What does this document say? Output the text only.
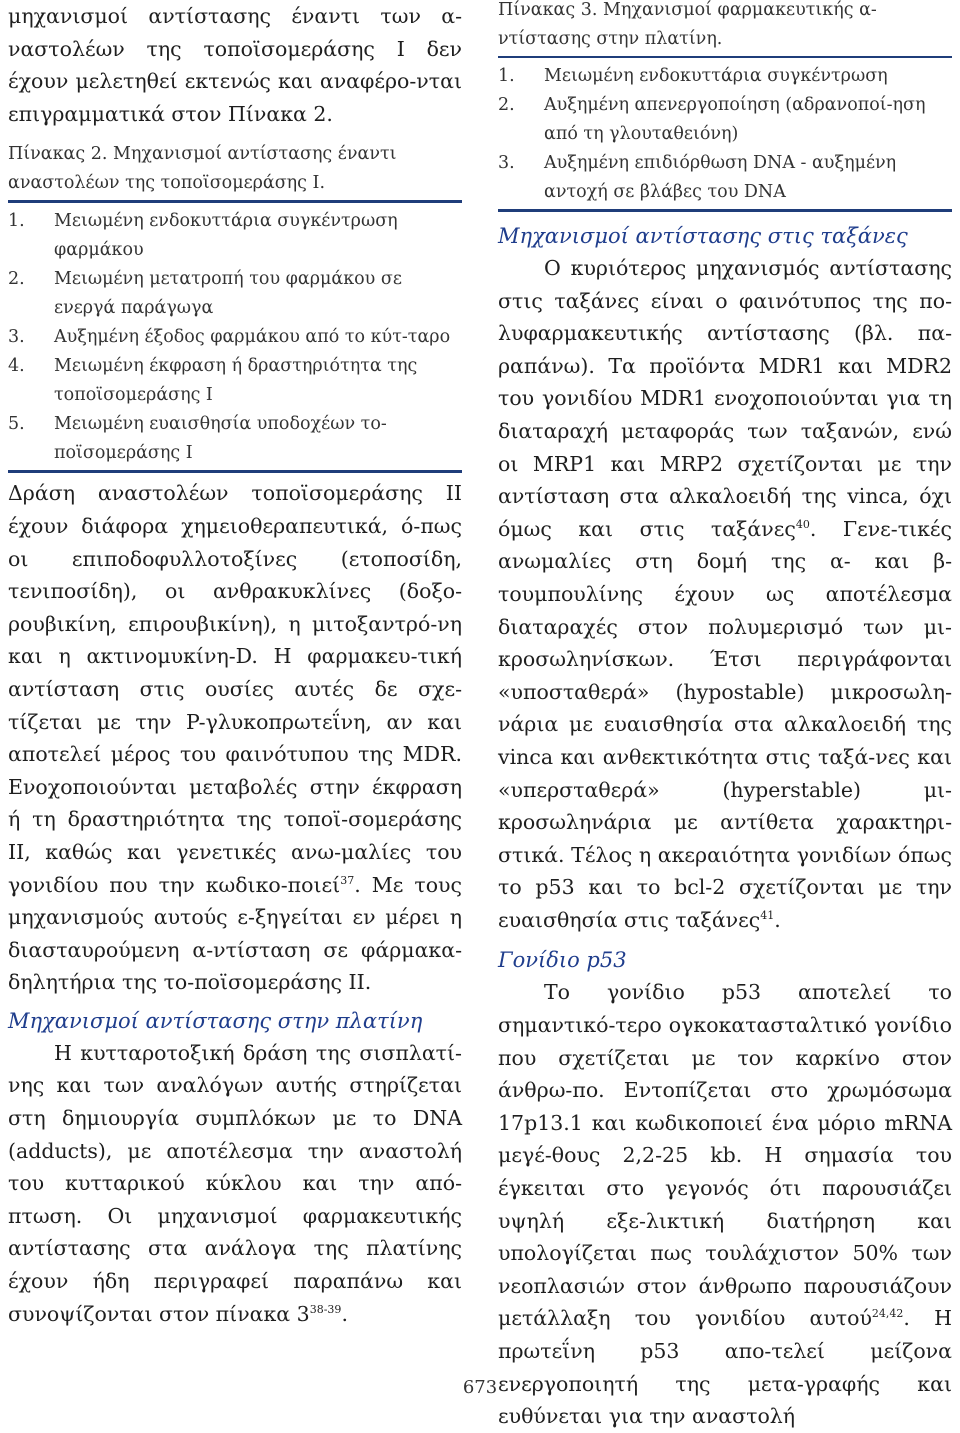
μηχανισμοί αντίστασης έναντι των α-ναστολέων της τοποϊσομεράσης Ι δεν έχουν μελετηθεί εκτενώς και αναφέρο-νται επιγραμματικά στον Πίνακα 2.

Πίνακας 2. Μηχανισμοί αντίστασης έναντι αναστολέων της τοποϊσομεράσης Ι.

1. Μειωμένη ενδοκυττάρια συγκέντρωση φαρμάκου
2. Μειωμένη μετατροπή του φαρμάκου σε ενεργά παράγωγα
3. Αυξημένη έξοδος φαρμάκου από το κύτ-ταρο
4. Μειωμένη έκφραση ή δραστηριότητα της τοποϊσομεράσης Ι
5. Μειωμένη ευαισθησία υποδοχέων το-ποϊσομεράσης Ι

Δράση αναστολέων τοποϊσομεράσης ΙΙ έχουν διάφορα χημειοθεραπευτικά, ό-πως οι επιποδοφυλλοτοξίνες (ετοποσίδη, τενιποσίδη), οι ανθρακυκλίνες (δοξο-ρουβικίνη, επιρουβικίνη), η μιτοξαντρό-νη και η ακτινομυκίνη-D. Η φαρμακευ-τική αντίσταση στις ουσίες αυτές δε σχε-τίζεται με την P-γλυκοπρωτεΐνη, αν και αποτελεί μέρος του φαινότυπου της MDR. Ενοχοποιούνται μεταβολές στην έκφραση ή τη δραστηριότητα της τοποϊ-σομεράσης ΙΙ, καθώς και γενετικές ανω-μαλίες του γονιδίου που την κωδικο-ποιεί$^{37}$. Με τους μηχανισμούς αυτούς ε-ξηγείται εν μέρει η διασταυρούμενη α-ντίσταση σε φάρμακα-δηλητήρια της το-ποϊσομεράσης ΙΙ.

Μηχανισμοί αντίστασης στην πλατίνη

Η κυτταροτοξική δράση της σισπλατί-νης και των αναλόγων αυτής στηρίζεται στη δημιουργία συμπλόκων με το DNA (adducts), με αποτέλεσμα την αναστολή του κυτταρικού κύκλου και την από-πτωση. Οι μηχανισμοί φαρμακευτικής αντίστασης στα ανάλογα της πλατίνης έχουν ήδη περιγραφεί παραπάνω και συνοψίζονται στον πίνακα 3$^{38-39}$.

Πίνακας 3. Μηχανισμοί φαρμακευτικής α-ντίστασης στην πλατίνη.

1. Μειωμένη ενδοκυττάρια συγκέντρωση
2. Αυξημένη απενεργοποίηση (αδρανοποί-ηση από τη γλουταθειόνη)
3. Αυξημένη επιδιόρθωση DNA - αυξημένη αντοχή σε βλάβες του DNA
Μηχανισμοί αντίστασης στις ταξάνες

Ο κυριότερος μηχανισμός αντίστασης στις ταξάνες είναι ο φαινότυπος της πο-λυφαρμακευτικής αντίστασης (βλ. πα-ραπάνω). Τα προϊόντα MDR1 και MDR2 του γονιδίου MDR1 ενοχοποιούνται για τη διαταραχή μεταφοράς των ταξανών, ενώ οι MRP1 και MRP2 σχετίζονται με την αντίσταση στα αλκαλοειδή της vinca, όχι όμως και στις ταξάνες$^{40}$. Γενε-τικές ανωμαλίες στη δομή της α- και β-τουμπουλίνης έχουν ως αποτέλεσμα διαταραχές στον πολυμερισμό των μι-κροσωληνίσκων. Έτσι περιγράφονται «υποσταθερά» (hypostable) μικροσωλη-νάρια με ευαισθησία στα αλκαλοειδή της vinca και ανθεκτικότητα στις ταξά-νες και «υπερσταθερά» (hyperstable) μι-κροσωληνάρια με αντίθετα χαρακτηρι-στικά. Τέλος η ακεραιότητα γονιδίων όπως το p53 και το bcl-2 σχετίζονται με την ευαισθησία στις ταξάνες$^{41}$.

Γονίδιο p53

Το γονίδιο p53 αποτελεί το σημαντικό-τερο ογκοκατασταλτικό γονίδιο που σχετίζεται με τον καρκίνο στον άνθρω-πο. Εντοπίζεται στο χρωμόσωμα 17p13.1 και κωδικοποιεί ένα μόριο mRNA μεγέ-θους 2,2-25 kb. Η σημασία του έγκειται στο γεγονός ότι παρουσιάζει υψηλή εξε-λικτική διατήρηση και υπολογίζεται πως τουλάχιστον 50% των νεοπλασιών στον άνθρωπο παρουσιάζουν μετάλλαξη του γονιδίου αυτού$^{24,42}$. Η πρωτεΐνη p53 απο-τελεί μείζονα ενεργοποιητή της μετα-γραφής και ευθύνεται για την αναστολή

673
